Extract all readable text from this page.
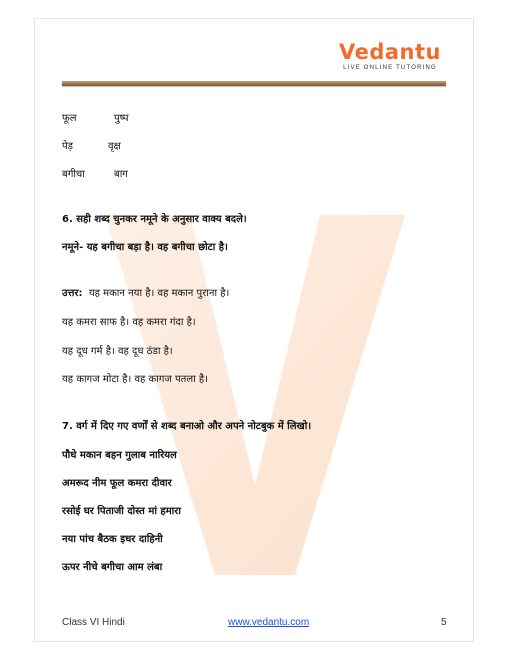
Vedantu
LIVE ONLINE TUTORING
फूल	पुष्प
पेड़	वृक्ष
बगीचा	बाग
6. सही शब्द चुनकर नमूने के अनुसार वाक्य बदले।
नमूने- यह बगीचा बड़ा है। वह बगीचा छोटा है।
उत्तर: यह मकान नया है। वह मकान पुराना है।
यह कमरा साफ है। वह कमरा गंदा है।
यह दूध गर्म है। वह दूध ठंडा है।
यह कागज मोटा है। वह कागज पतला है।
7. वर्ग में दिए गए वर्णों से शब्द बनाओ और अपने नोटबुक में लिखो।
पौधे मकान बहन गुलाब नारियल
अमरूद नीम फूल कमरा दीवार
रसोई घर पिताजी दोस्त मां हमारा
नया पांच बैठक इधर दाहिनी
ऊपर नीचे बगीचा आम लंबा
Class VI Hindi	www.vedantu.com	5
